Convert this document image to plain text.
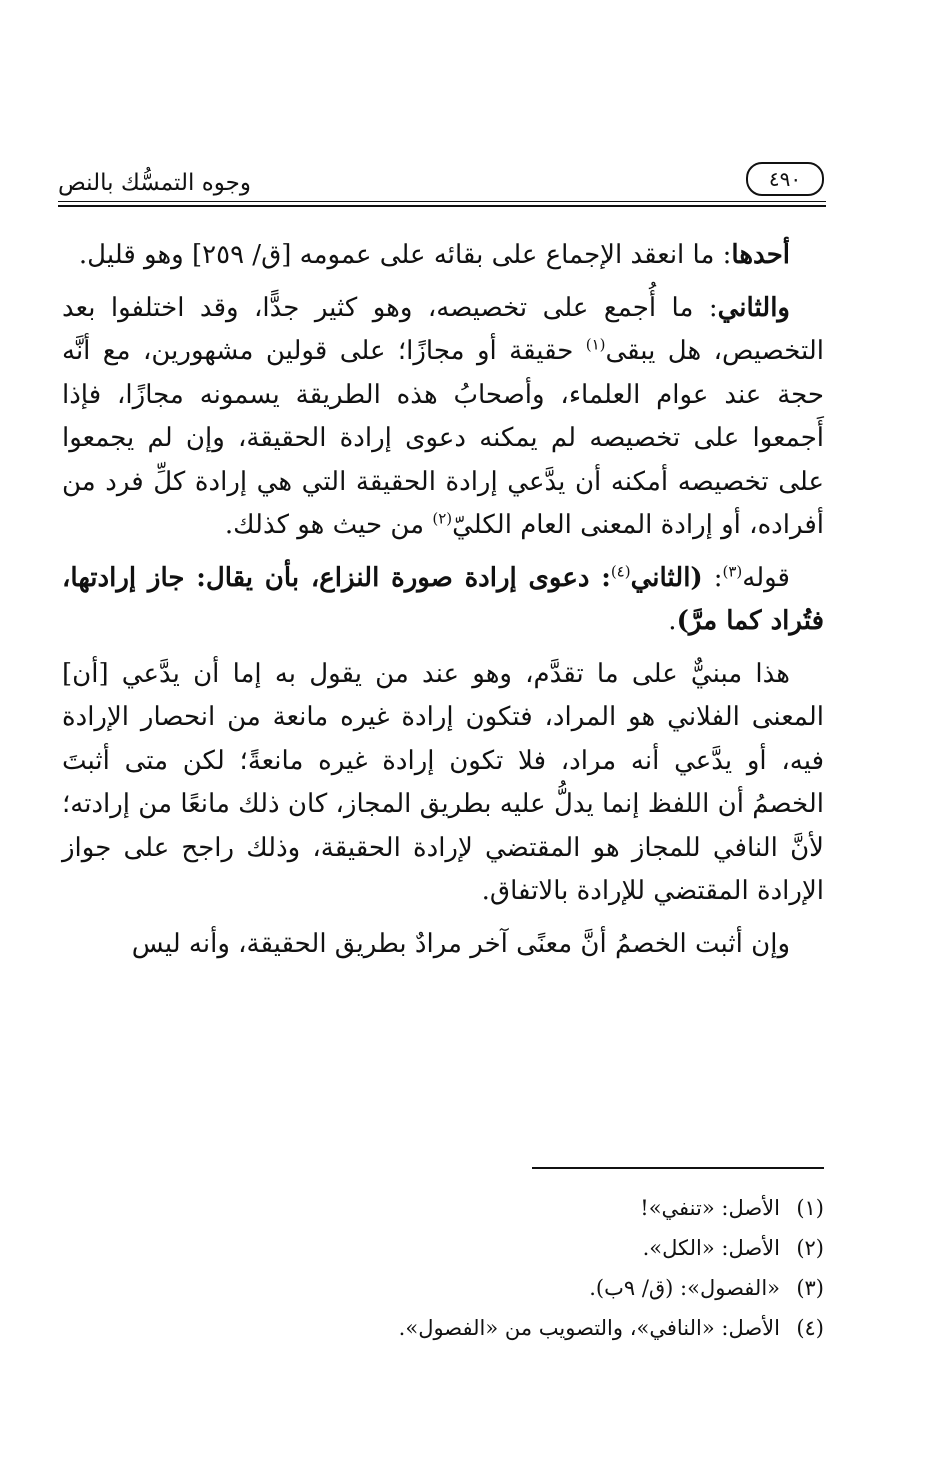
٤٩٠
وجوه التمسُّك بالنص

أحدها: ما انعقد الإجماع على بقائه على عمومه [ق/ ٢٥٩] وهو قليل.

والثاني: ما أُجمع على تخصيصه، وهو كثير جدًّا، وقد اختلفوا بعد التخصيص، هل يبقى$^{(١)}$ حقيقة أو مجازًا؛ على قولين مشهورين، مع أنَّه حجة عند عوام العلماء، وأصحابُ هذه الطريقة يسمونه مجازًا، فإذا أَجمعوا على تخصيصه لم يمكنه دعوى إرادة الحقيقة، وإن لم يجمعوا على تخصيصه أمكنه أن يدَّعي إرادة الحقيقة التي هي إرادة كلِّ فرد من أفراده، أو إرادة المعنى العام الكليّ$^{(٢)}$ من حيث هو كذلك.

قوله$^{(٣)}$: (الثاني$^{(٤)}$: دعوى إرادة صورة النزاع، بأن يقال: جاز إرادتها، فتُراد كما مرَّ).

هذا مبنيٌّ على ما تقدَّم، وهو عند من يقول به إما أن يدَّعي [أن] المعنى الفلاني هو المراد، فتكون إرادة غيره مانعة من انحصار الإرادة فيه، أو يدَّعي أنه مراد، فلا تكون إرادة غيره مانعةً؛ لكن متى أثبتَ الخصمُ أن اللفظ إنما يدلُّ عليه بطريق المجاز، كان ذلك مانعًا من إرادته؛ لأنَّ النافي للمجاز هو المقتضي لإرادة الحقيقة، وذلك راجح على جواز الإرادة المقتضي للإرادة بالاتفاق.

وإن أثبت الخصمُ أنَّ معنًى آخر مرادٌ بطريق الحقيقة، وأنه ليس

(١)الأصل: «تنفي»!
(٢)الأصل: «الكل».
(٣)«الفصول»: (ق/ ٩ب).
(٤)الأصل: «النافي»، والتصويب من «الفصول».
